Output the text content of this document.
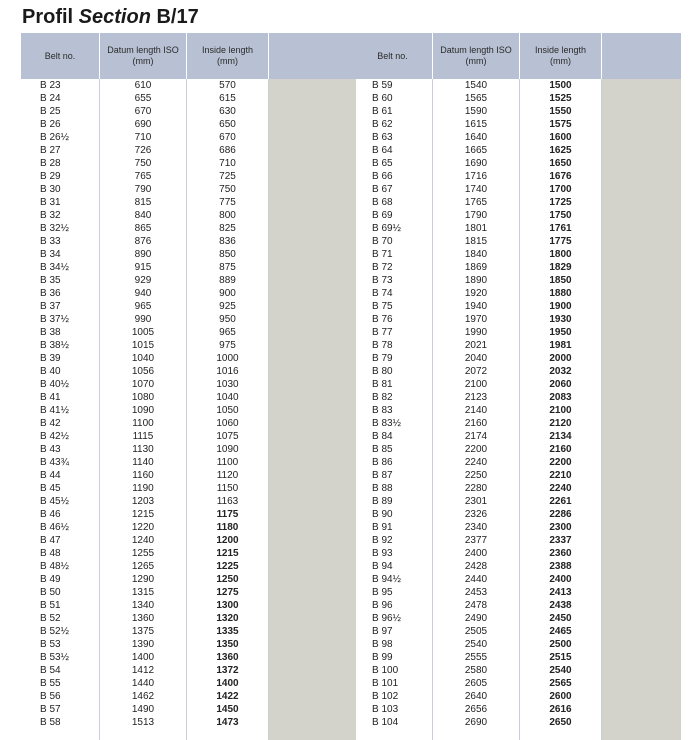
Profil Section B/17
Belt no.
Datum length ISO
(mm)
Inside length
(mm)
B 23
B 24
B 25
B 26
B 26½
B 27
B 28
B 29
B 30
B 31
B 32
B 32½
B 33
B 34
B 34½
B 35
B 36
B 37
B 37½
B 38
B 38½
B 39
B 40
B 40½
B 41
B 41½
B 42
B 42½
B 43
B 43¾
B 44
B 45
B 45½
B 46
B 46½
B 47
B 48
B 48½
B 49
B 50
B 51
B 52
B 52½
B 53
B 53½
B 54
B 55
B 56
B 57
B 58
610
655
670
690
710
726
750
765
790
815
840
865
876
890
915
929
940
965
990
1005
1015
1040
1056
1070
1080
1090
1100
1115
1130
1140
1160
1190
1203
1215
1220
1240
1255
1265
1290
1315
1340
1360
1375
1390
1400
1412
1440
1462
1490
1513
570
615
630
650
670
686
710
725
750
775
800
825
836
850
875
889
900
925
950
965
975
1000
1016
1030
1040
1050
1060
1075
1090
1100
1120
1150
1163
1175
1180
1200
1215
1225
1250
1275
1300
1320
1335
1350
1360
1372
1400
1422
1450
1473
Belt no.
Datum length ISO
(mm)
Inside length
(mm)
B 59
B 60
B 61
B 62
B 63
B 64
B 65
B 66
B 67
B 68
B 69
B 69½
B 70
B 71
B 72
B 73
B 74
B 75
B 76
B 77
B 78
B 79
B 80
B 81
B 82
B 83
B 83½
B 84
B 85
B 86
B 87
B 88
B 89
B 90
B 91
B 92
B 93
B 94
B 94½
B 95
B 96
B 96½
B 97
B 98
B 99
B 100
B 101
B 102
B 103
B 104
1540
1565
1590
1615
1640
1665
1690
1716
1740
1765
1790
1801
1815
1840
1869
1890
1920
1940
1970
1990
2021
2040
2072
2100
2123
2140
2160
2174
2200
2240
2250
2280
2301
2326
2340
2377
2400
2428
2440
2453
2478
2490
2505
2540
2555
2580
2605
2640
2656
2690
1500
1525
1550
1575
1600
1625
1650
1676
1700
1725
1750
1761
1775
1800
1829
1850
1880
1900
1930
1950
1981
2000
2032
2060
2083
2100
2120
2134
2160
2200
2210
2240
2261
2286
2300
2337
2360
2388
2400
2413
2438
2450
2465
2500
2515
2540
2565
2600
2616
2650
